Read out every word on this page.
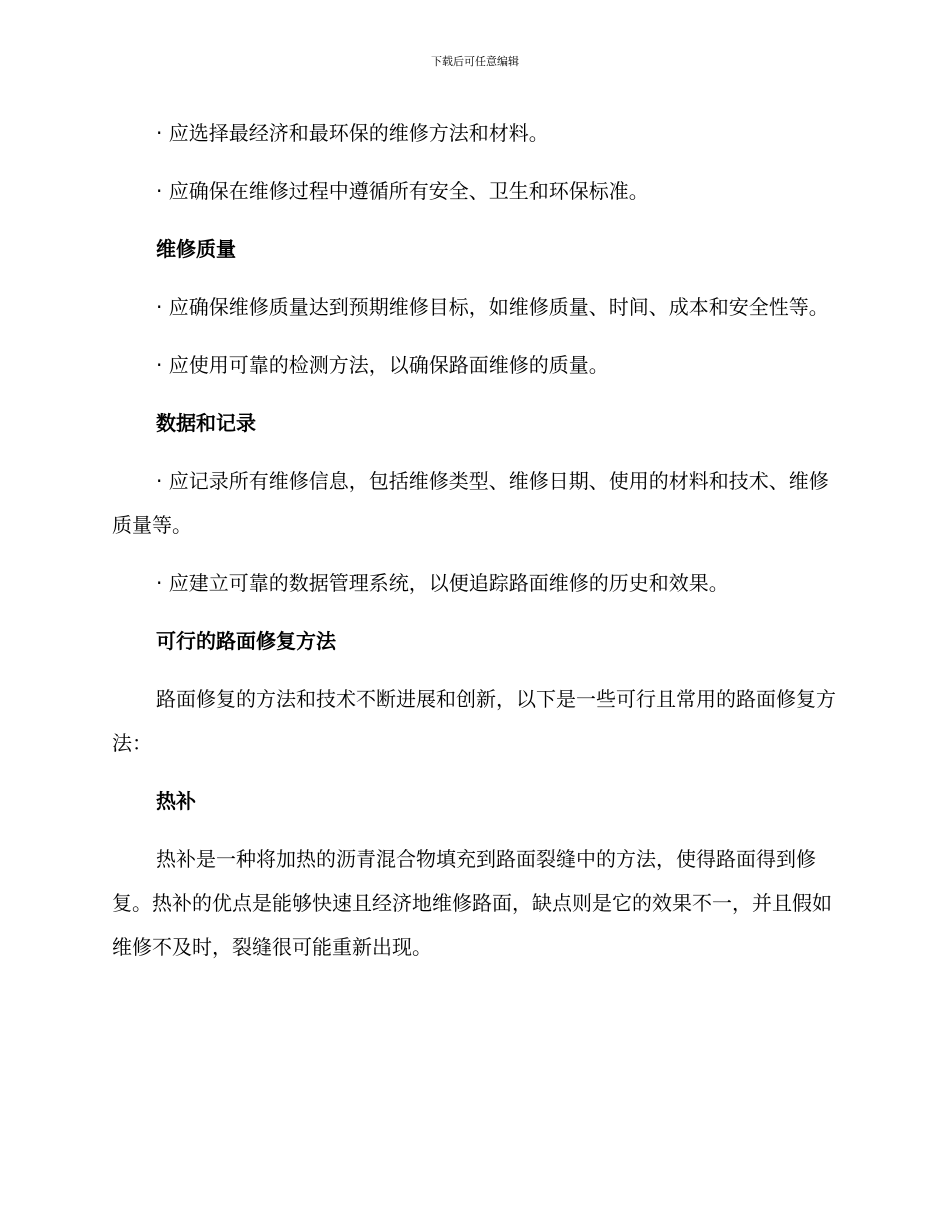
下载后可任意编辑

· 应选择最经济和最环保的维修方法和材料。

· 应确保在维修过程中遵循所有安全、卫生和环保标准。

维修质量

· 应确保维修质量达到预期维修目标，如维修质量、时间、成本和安全性等。

· 应使用可靠的检测方法，以确保路面维修的质量。

数据和记录

· 应记录所有维修信息，包括维修类型、维修日期、使用的材料和技术、维修质量等。

· 应建立可靠的数据管理系统，以便追踪路面维修的历史和效果。

可行的路面修复方法

路面修复的方法和技术不断进展和创新，以下是一些可行且常用的路面修复方法：

热补

热补是一种将加热的沥青混合物填充到路面裂缝中的方法，使得路面得到修复。热补的优点是能够快速且经济地维修路面，缺点则是它的效果不一，并且假如维修不及时，裂缝很可能重新出现。
